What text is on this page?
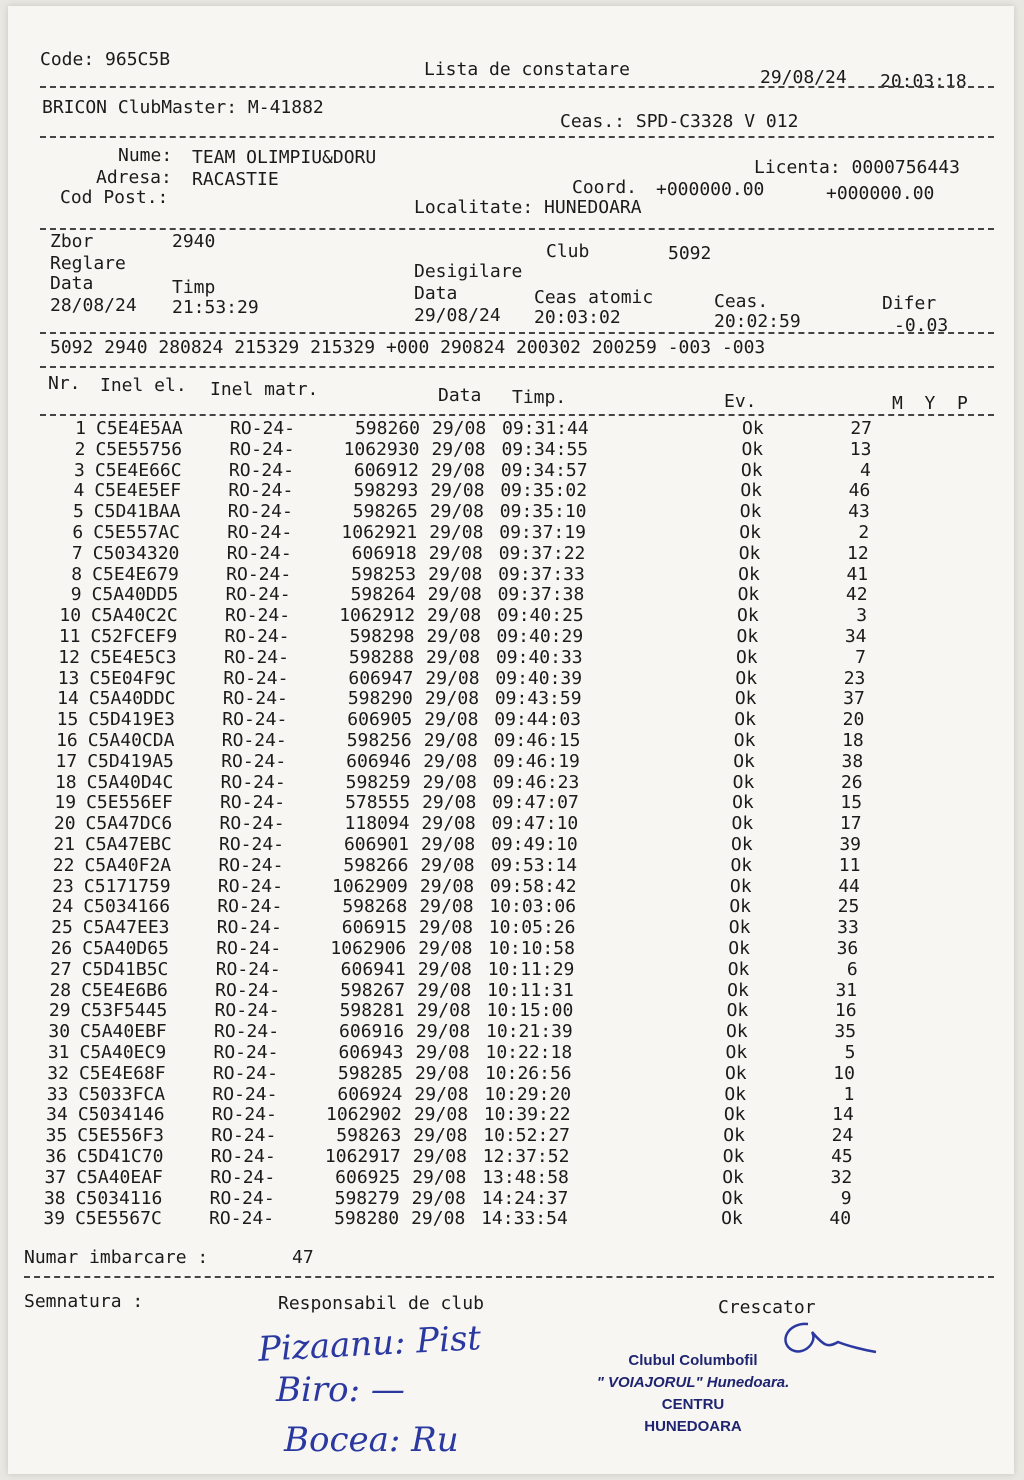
Code: 965C5B	Lista de constatare	29/08/24 20:03:18
BRICON ClubMaster: M-41882
Ceas.: SPD-C3328 V 012
Nume: TEAM OLIMPIU&DORU
Adresa: RACASTIE
Cod Post.:
Licenta: 0000756443
Coord. +000000.00	+000000.00
Localitate: HUNEDOARA
Zbor	2940	Club	5092
Reglare	Desigilare
Data	Timp
28/08/24 21:53:29
Data	Ceas atomic	Ceas.	Difer
29/08/24 20:03:02	20:02:59	-0.03
5092 2940 280824 215329 215329 +000 290824 200302 200259 -003 -003
Nr. Inel el. Inel matr.	Data Timp.	Ev.	M  Y  P
1 C5E4E5AA	RO-24-	598260 29/08 09:31:44	Ok	27
2 C5E55756	RO-24-	1062930 29/08 09:34:55	Ok	13
3 C5E4E66C	RO-24-	606912 29/08 09:34:57	Ok	4
4 C5E4E5EF	RO-24-	598293 29/08 09:35:02	Ok	46
5 C5D41BAA	RO-24-	598265 29/08 09:35:10	Ok	43
6 C5E557AC	RO-24-	1062921 29/08 09:37:19	Ok	2
7 C5034320	RO-24-	606918 29/08 09:37:22	Ok	12
8 C5E4E679	RO-24-	598253 29/08 09:37:33	Ok	41
9 C5A40DD5	RO-24-	598264 29/08 09:37:38	Ok	42
10 C5A40C2C	RO-24-	1062912 29/08 09:40:25	Ok	3
11 C52FCEF9	RO-24-	598298 29/08 09:40:29	Ok	34
12 C5E4E5C3	RO-24-	598288 29/08 09:40:33	Ok	7
13 C5E04F9C	RO-24-	606947 29/08 09:40:39	Ok	23
14 C5A40DDC	RO-24-	598290 29/08 09:43:59	Ok	37
15 C5D419E3	RO-24-	606905 29/08 09:44:03	Ok	20
16 C5A40CDA	RO-24-	598256 29/08 09:46:15	Ok	18
17 C5D419A5	RO-24-	606946 29/08 09:46:19	Ok	38
18 C5A40D4C	RO-24-	598259 29/08 09:46:23	Ok	26
19 C5E556EF	RO-24-	578555 29/08 09:47:07	Ok	15
20 C5A47DC6	RO-24-	118094 29/08 09:47:10	Ok	17
21 C5A47EBC	RO-24-	606901 29/08 09:49:10	Ok	39
22 C5A40F2A	RO-24-	598266 29/08 09:53:14	Ok	11
23 C5171759	RO-24-	1062909 29/08 09:58:42	Ok	44
24 C5034166	RO-24-	598268 29/08 10:03:06	Ok	25
25 C5A47EE3	RO-24-	606915 29/08 10:05:26	Ok	33
26 C5A40D65	RO-24-	1062906 29/08 10:10:58	Ok	36
27 C5D41B5C	RO-24-	606941 29/08 10:11:29	Ok	6
28 C5E4E6B6	RO-24-	598267 29/08 10:11:31	Ok	31
29 C53F5445	RO-24-	598281 29/08 10:15:00	Ok	16
30 C5A40EBF	RO-24-	606916 29/08 10:21:39	Ok	35
31 C5A40EC9	RO-24-	606943 29/08 10:22:18	Ok	5
32 C5E4E68F	RO-24-	598285 29/08 10:26:56	Ok	10
33 C5033FCA	RO-24-	606924 29/08 10:29:20	Ok	1
34 C5034146	RO-24-	1062902 29/08 10:39:22	Ok	14
35 C5E556F3	RO-24-	598263 29/08 10:52:27	Ok	24
36 C5D41C70	RO-24-	1062917 29/08 12:37:52	Ok	45
37 C5A40EAF	RO-24-	606925 29/08 13:48:58	Ok	32
38 C5034116	RO-24-	598279 29/08 14:24:37	Ok	9
39 C5E5567C	RO-24-	598280 29/08 14:33:54	Ok	40
Numar imbarcare :	47
Semnatura :	Responsabil de club	Crescator
Pizaanu: Pist
Biro: —
Bocea: Ru
Clubul Columbofil
" VOIAJORUL" Hunedoara.
CENTRU
HUNEDOARA
